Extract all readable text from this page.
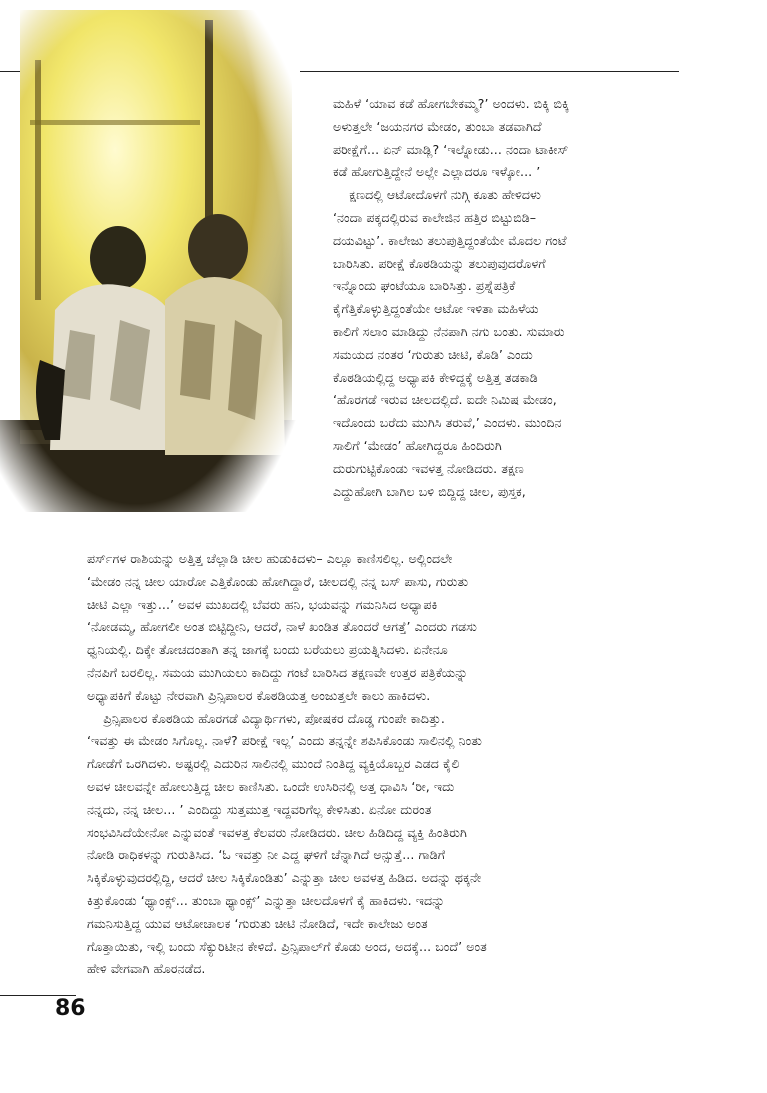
ಮಹಿಳೆ ‘ಯಾವ ಕಡೆ ಹೋಗಬೇಕಮ್ಮ?’ ಅಂದಳು. ಬಿಕ್ಕಿ ಬಿಕ್ಕಿ
ಅಳುತ್ತಲೇ ‘ಜಯನಗರ ಮೇಡಂ, ತುಂಬಾ ತಡವಾಗಿದೆ
ಪರೀಕ್ಷೆಗೆ... ಏನ್ ಮಾಡ್ಲಿ? ‘ಇಲ್ನೋಡು... ನಂದಾ ಟಾಕೀಸ್
ಕಡೆ ಹೋಗುತ್ತಿದ್ದೇನೆ ಅಲ್ಲೇ ಎಲ್ಲಾದರೂ ಇಳ್ಕೋ... ’
ಕ್ಷಣದಲ್ಲಿ ಆಟೋದೊಳಗೆ ನುಗ್ಗಿ ಕೂತು ಹೇಳಿದಳು
‘ನಂದಾ ಪಕ್ಕದಲ್ಲಿರುವ ಕಾಲೇಜಿನ ಹತ್ತಿರ ಬಿಟ್ಟುಬಿಡಿ–
ದಯವಿಟ್ಟು’. ಕಾಲೇಜು ತಲುಪುತ್ತಿದ್ದಂತೆಯೇ ಮೊದಲ ಗಂಟೆ
ಬಾರಿಸಿತು. ಪರೀಕ್ಷೆ ಕೊಠಡಿಯನ್ನು ತಲುಪುವುದರೊಳಗೆ
ಇನ್ನೊಂದು ಘಂಟೆಯೂ ಬಾರಿಸಿತ್ತು. ಪ್ರಶ್ನೆಪತ್ರಿಕೆ
ಕೈಗೆತ್ತಿಕೊಳ್ಳುತ್ತಿದ್ದಂತೆಯೇ ಆಟೋ ಇಳಿತಾ ಮಹಿಳೆಯ
ಕಾಲಿಗೆ ಸಲಾಂ ಮಾಡಿದ್ದು ನೆನಪಾಗಿ ನಗು ಬಂತು. ಸುಮಾರು
ಸಮಯದ ನಂತರ ‘ಗುರುತು ಚೀಟಿ, ಕೊಡಿ’ ಎಂದು
ಕೊಠಡಿಯಲ್ಲಿದ್ದ ಅಧ್ಯಾಪಕಿ ಕೇಳಿದ್ದಕ್ಕೆ ಅತ್ತಿತ್ತ ತಡಕಾಡಿ
‘ಹೊರಗಡೆ ಇರುವ ಚೀಲದಲ್ಲಿದೆ. ಐದೇ ನಿಮಿಷ ಮೇಡಂ,
ಇದೊಂದು ಬರೆದು ಮುಗಿಸಿ ತರುವೆ,’ ಎಂದಳು. ಮುಂದಿನ
ಸಾಲಿಗೆ ‘ಮೇಡಂ’ ಹೋಗಿದ್ದರೂ ಹಿಂದಿರುಗಿ
ದುರುಗುಟ್ಟಿಕೊಂಡು ಇವಳತ್ತ ನೋಡಿದರು. ತಕ್ಷಣ
ಎದ್ದುಹೋಗಿ ಬಾಗಿಲ ಬಳಿ ಬಿದ್ದಿದ್ದ ಚೀಲ, ಪುಸ್ತಕ,
ಪರ್ಸ್‌ಗಳ ರಾಶಿಯನ್ನು ಅತ್ತಿತ್ತ ಚೆಲ್ಲಾಡಿ ಚೀಲ ಹುಡುಕಿದಳು– ಎಲ್ಲೂ ಕಾಣಿಸಲಿಲ್ಲ. ಅಲ್ಲಿಂದಲೇ
‘ಮೇಡಂ ನನ್ನ ಚೀಲ ಯಾರೋ ಎತ್ತಿಕೊಂಡು ಹೋಗಿದ್ದಾರೆ, ಚೀಲದಲ್ಲಿ ನನ್ನ ಬಸ್ ಪಾಸು, ಗುರುತು
ಚೀಟಿ ಎಲ್ಲಾ ಇತ್ತು...’ ಅವಳ ಮುಖದಲ್ಲಿ ಬೆವರು ಹನಿ, ಭಯವನ್ನು ಗಮನಿಸಿದ ಅಧ್ಯಾಪಕಿ
‘ನೋಡಮ್ಮ, ಹೋಗಲೀ ಅಂತ ಬಿಟ್ಟಿದ್ದೀನಿ, ಆದರೆ, ನಾಳೆ ಖಂಡಿತ ತೊಂದರೆ ಆಗತ್ತೆ’ ಎಂದರು ಗಡಸು
ಧ್ವನಿಯಲ್ಲಿ. ದಿಕ್ಕೇ ತೋಚದಂತಾಗಿ ತನ್ನ ಜಾಗಕ್ಕೆ ಬಂದು ಬರೆಯಲು ಪ್ರಯತ್ನಿಸಿದಳು. ಏನೇನೂ
ನೆನಪಿಗೆ ಬರಲಿಲ್ಲ. ಸಮಯ ಮುಗಿಯಲು ಕಾದಿದ್ದು ಗಂಟೆ ಬಾರಿಸಿದ ತಕ್ಷಣವೇ ಉತ್ತರ ಪತ್ರಿಕೆಯನ್ನು
ಅಧ್ಯಾಪಕಿಗೆ ಕೊಟ್ಟು ನೇರವಾಗಿ ಪ್ರಿನ್ಸಿಪಾಲರ ಕೊಠಡಿಯತ್ತ ಅಂಜುತ್ತಲೇ ಕಾಲು ಹಾಕಿದಳು.
ಪ್ರಿನ್ಸಿಪಾಲರ ಕೊಠಡಿಯ ಹೊರಗಡೆ ವಿದ್ಯಾರ್ಥಿಗಳು, ಪೋಷಕರ ದೊಡ್ಡ ಗುಂಪೇ ಕಾದಿತ್ತು.
‘ಇವತ್ತು ಈ ಮೇಡಂ ಸಿಗೊಲ್ಲ. ನಾಳೆ? ಪರೀಕ್ಷೆ ಇಲ್ಲ’ ಎಂದು ತನ್ನನ್ನೇ ಶಪಿಸಿಕೊಂಡು ಸಾಲಿನಲ್ಲಿ ನಿಂತು
ಗೋಡೆಗೆ ಒರಗಿದಳು. ಅಷ್ಟರಲ್ಲಿ ಎದುರಿನ ಸಾಲಿನಲ್ಲಿ ಮುಂದೆ ನಿಂತಿದ್ದ ವ್ಯಕ್ತಿಯೊಬ್ಬರ ಎಡದ ಕೈಲಿ
ಅವಳ ಚೀಲವನ್ನೇ ಹೋಲುತ್ತಿದ್ದ ಚೀಲ ಕಾಣಿಸಿತು. ಒಂದೇ ಉಸಿರಿನಲ್ಲಿ ಅತ್ತ ಧಾವಿಸಿ ‘ರೀ, ಇದು
ನನ್ನದು, ನನ್ನ ಚೀಲ... ’ ಎಂದಿದ್ದು ಸುತ್ತಮುತ್ತ ಇದ್ದವರಿಗೆಲ್ಲ ಕೇಳಿಸಿತು. ಏನೋ ದುರಂತ
ಸಂಭವಿಸಿದೆಯೇನೋ ಎನ್ನುವಂತೆ ಇವಳತ್ತ ಕೆಲವರು ನೋಡಿದರು. ಚೀಲ ಹಿಡಿದಿದ್ದ ವ್ಯಕ್ತಿ ಹಿಂತಿರುಗಿ
ನೋಡಿ ರಾಧಿಕಳನ್ನು ಗುರುತಿಸಿದ. ‘ಓ ಇವತ್ತು ನೀ ಎದ್ದ ಘಳಿಗೆ ಚೆನ್ನಾಗಿದೆ ಅನ್ಸುತ್ತೆ... ಗಾಡಿಗೆ
ಸಿಕ್ಕಿಕೊಳ್ಳುವುದರಲ್ಲಿದ್ದಿ, ಆದರೆ ಚೀಲ ಸಿಕ್ಕಿಕೊಂಡಿತು’ ಎನ್ನುತ್ತಾ ಚೀಲ ಅವಳತ್ತ ಹಿಡಿದ. ಅದನ್ನು ಥಕ್ಕನೇ
ಕಿತ್ತುಕೊಂಡು ‘ಥ್ಯಾಂಕ್ಸ್... ತುಂಬಾ ಥ್ಯಾಂಕ್ಸ್’ ಎನ್ನುತ್ತಾ ಚೀಲದೊಳಗೆ ಕೈ ಹಾಕಿದಳು. ಇದನ್ನು
ಗಮನಿಸುತ್ತಿದ್ದ ಯುವ ಆಟೋಚಾಲಕ ‘ಗುರುತು ಚೀಟಿ ನೋಡಿದೆ, ಇದೇ ಕಾಲೇಜು ಅಂತ
ಗೊತ್ತಾಯಿತು, ಇಲ್ಲಿ ಬಂದು ಸೆಕ್ಯುರಿಟೀನ ಕೇಳಿದೆ. ಪ್ರಿನ್ಸಿಪಾಲ್‌ಗೆ ಕೊಡು ಅಂದ, ಅದಕ್ಕೆ... ಬಂದೆ’ ಅಂತ
ಹೇಳಿ ವೇಗವಾಗಿ ಹೊರನಡೆದ.
86
